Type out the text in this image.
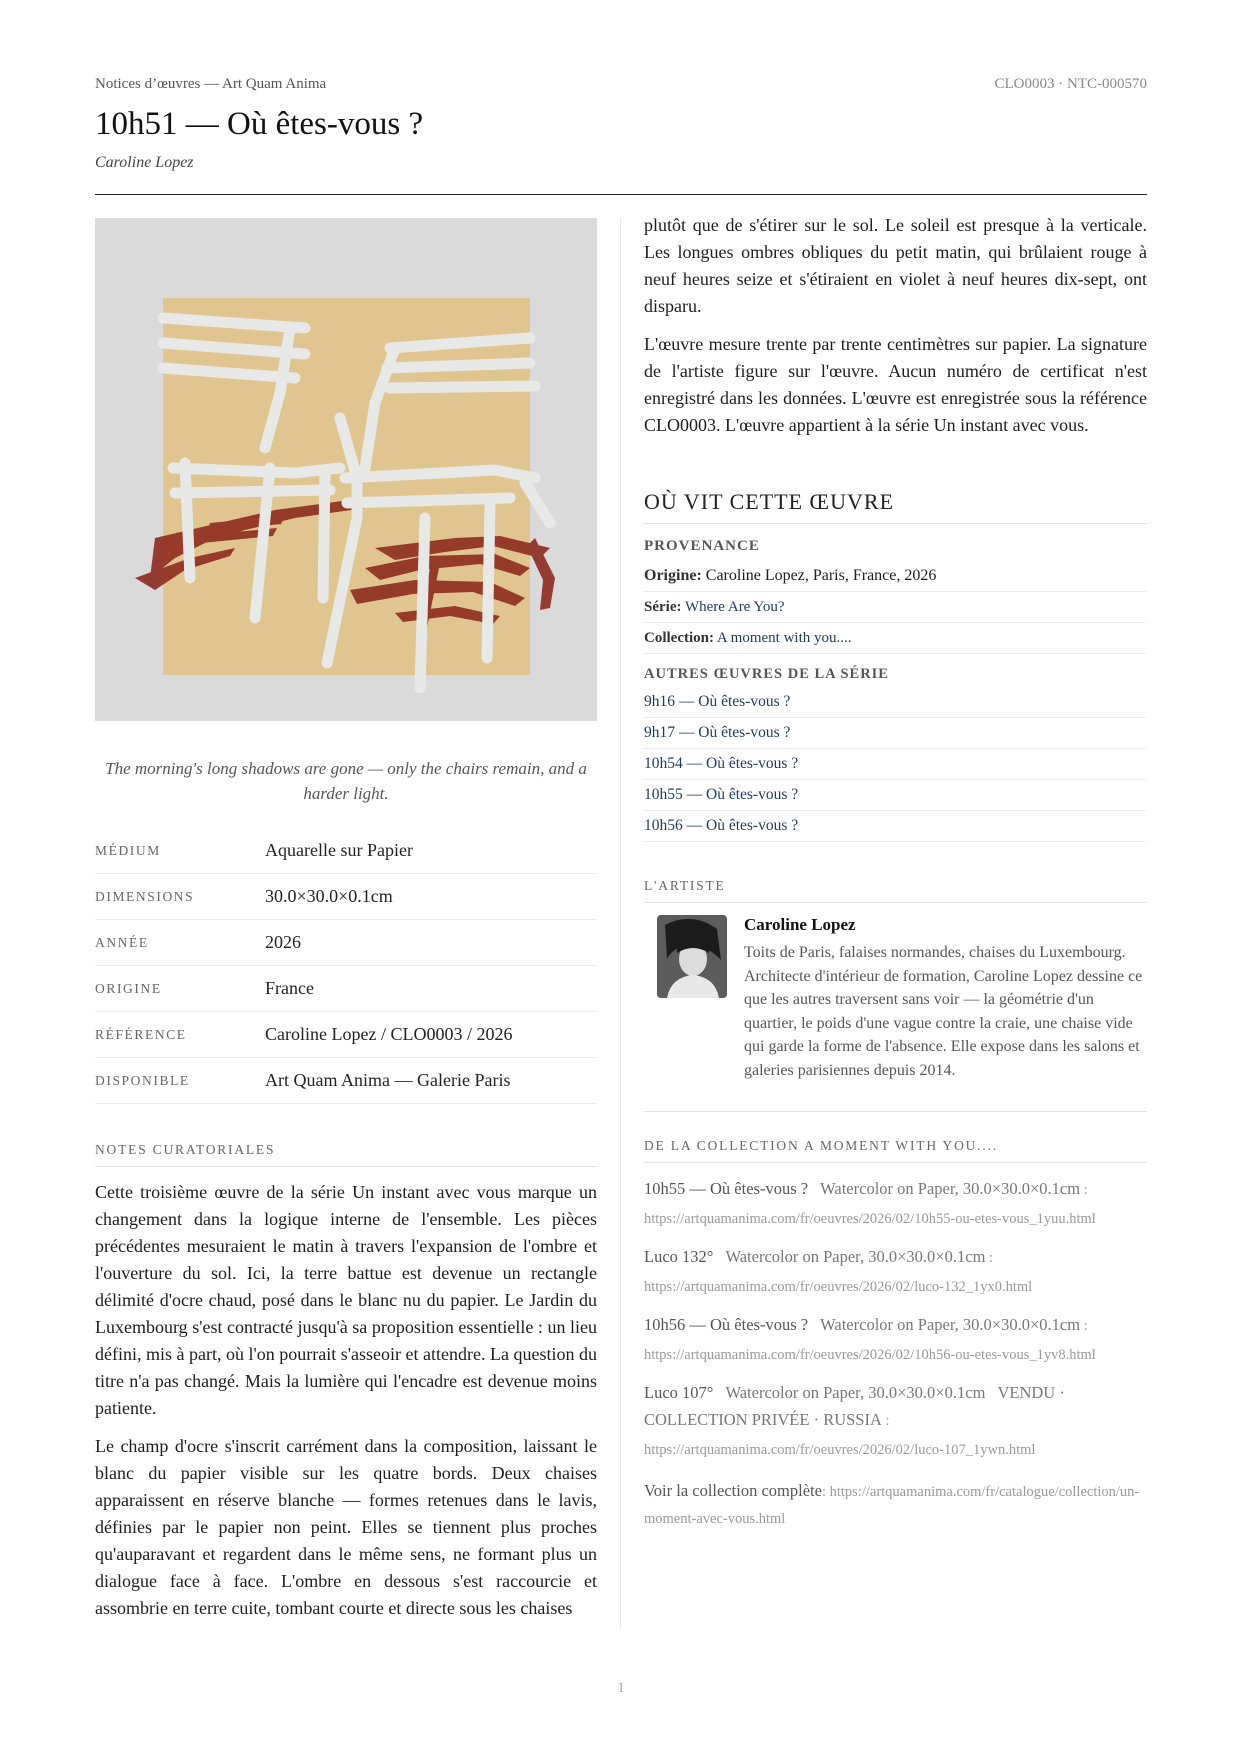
Notices d’œuvres — Art Quam Anima	CLO0003 · NTC-000570
10h51 — Où êtes-vous ?
Caroline Lopez
The morning's long shadows are gone — only the chairs remain, and a harder light.
MÉDIUM	Aquarelle sur Papier
DIMENSIONS	30.0×30.0×0.1cm
ANNÉE	2026
ORIGINE	France
RÉFÉRENCE	Caroline Lopez / CLO0003 / 2026
DISPONIBLE	Art Quam Anima — Galerie Paris
NOTES CURATORIALES

Cette troisième œuvre de la série Un instant avec vous marque un changement dans la logique interne de l'ensemble. Les pièces précédentes mesuraient le matin à travers l'expansion de l'ombre et l'ouverture du sol. Ici, la terre battue est devenue un rectangle délimité d'ocre chaud, posé dans le blanc nu du papier. Le Jardin du Luxembourg s'est contracté jusqu'à sa proposition essentielle : un lieu défini, mis à part, où l'on pourrait s'asseoir et attendre. La question du titre n'a pas changé. Mais la lumière qui l'encadre est devenue moins patiente.

Le champ d'ocre s'inscrit carrément dans la composition, laissant le blanc du papier visible sur les quatre bords. Deux chaises apparaissent en réserve blanche — formes retenues dans le lavis, définies par le papier non peint. Elles se tiennent plus proches qu'auparavant et regardent dans le même sens, ne formant plus un dialogue face à face. L'ombre en dessous s'est raccourcie et assombrie en terre cuite, tombant courte et directe sous les chaises

plutôt que de s'étirer sur le sol. Le soleil est presque à la verticale. Les longues ombres obliques du petit matin, qui brûlaient rouge à neuf heures seize et s'étiraient en violet à neuf heures dix-sept, ont disparu.

L'œuvre mesure trente par trente centimètres sur papier. La signature de l'artiste figure sur l'œuvre. Aucun numéro de certificat n'est enregistré dans les données. L'œuvre est enregistrée sous la référence CLO0003. L'œuvre appartient à la série Un instant avec vous.

OÙ VIT CETTE ŒUVRE
PROVENANCE
Origine: Caroline Lopez, Paris, France, 2026
Série: Where Are You?
Collection: A moment with you....
AUTRES ŒUVRES DE LA SÉRIE
9h16 — Où êtes-vous ?
9h17 — Où êtes-vous ?
10h54 — Où êtes-vous ?
10h55 — Où êtes-vous ?
10h56 — Où êtes-vous ?
L'ARTISTE
Caroline Lopez

Toits de Paris, falaises normandes, chaises du Luxembourg. Architecte d'intérieur de formation, Caroline Lopez dessine ce que les autres traversent sans voir — la géométrie d'un quartier, le poids d'une vague contre la craie, une chaise vide qui garde la forme de l'absence. Elle expose dans les salons et galeries parisiennes depuis 2014.

DE LA COLLECTION A MOMENT WITH YOU....
10h55 — Où êtes-vous ? Watercolor on Paper, 30.0×30.0×0.1cm : https://artquamanima.com/fr/oeuvres/2026/02/10h55-ou-etes-vous_1yuu.html
Luco 132° Watercolor on Paper, 30.0×30.0×0.1cm : https://artquamanima.com/fr/oeuvres/2026/02/luco-132_1yx0.html
10h56 — Où êtes-vous ? Watercolor on Paper, 30.0×30.0×0.1cm : https://artquamanima.com/fr/oeuvres/2026/02/10h56-ou-etes-vous_1yv8.html
Luco 107° Watercolor on Paper, 30.0×30.0×0.1cm   VENDU · COLLECTION PRIVÉE · RUSSIA : https://artquamanima.com/fr/oeuvres/2026/02/luco-107_1ywn.html
Voir la collection complète: https://artquamanima.com/fr/catalogue/collection/un-moment-avec-vous.html
1
